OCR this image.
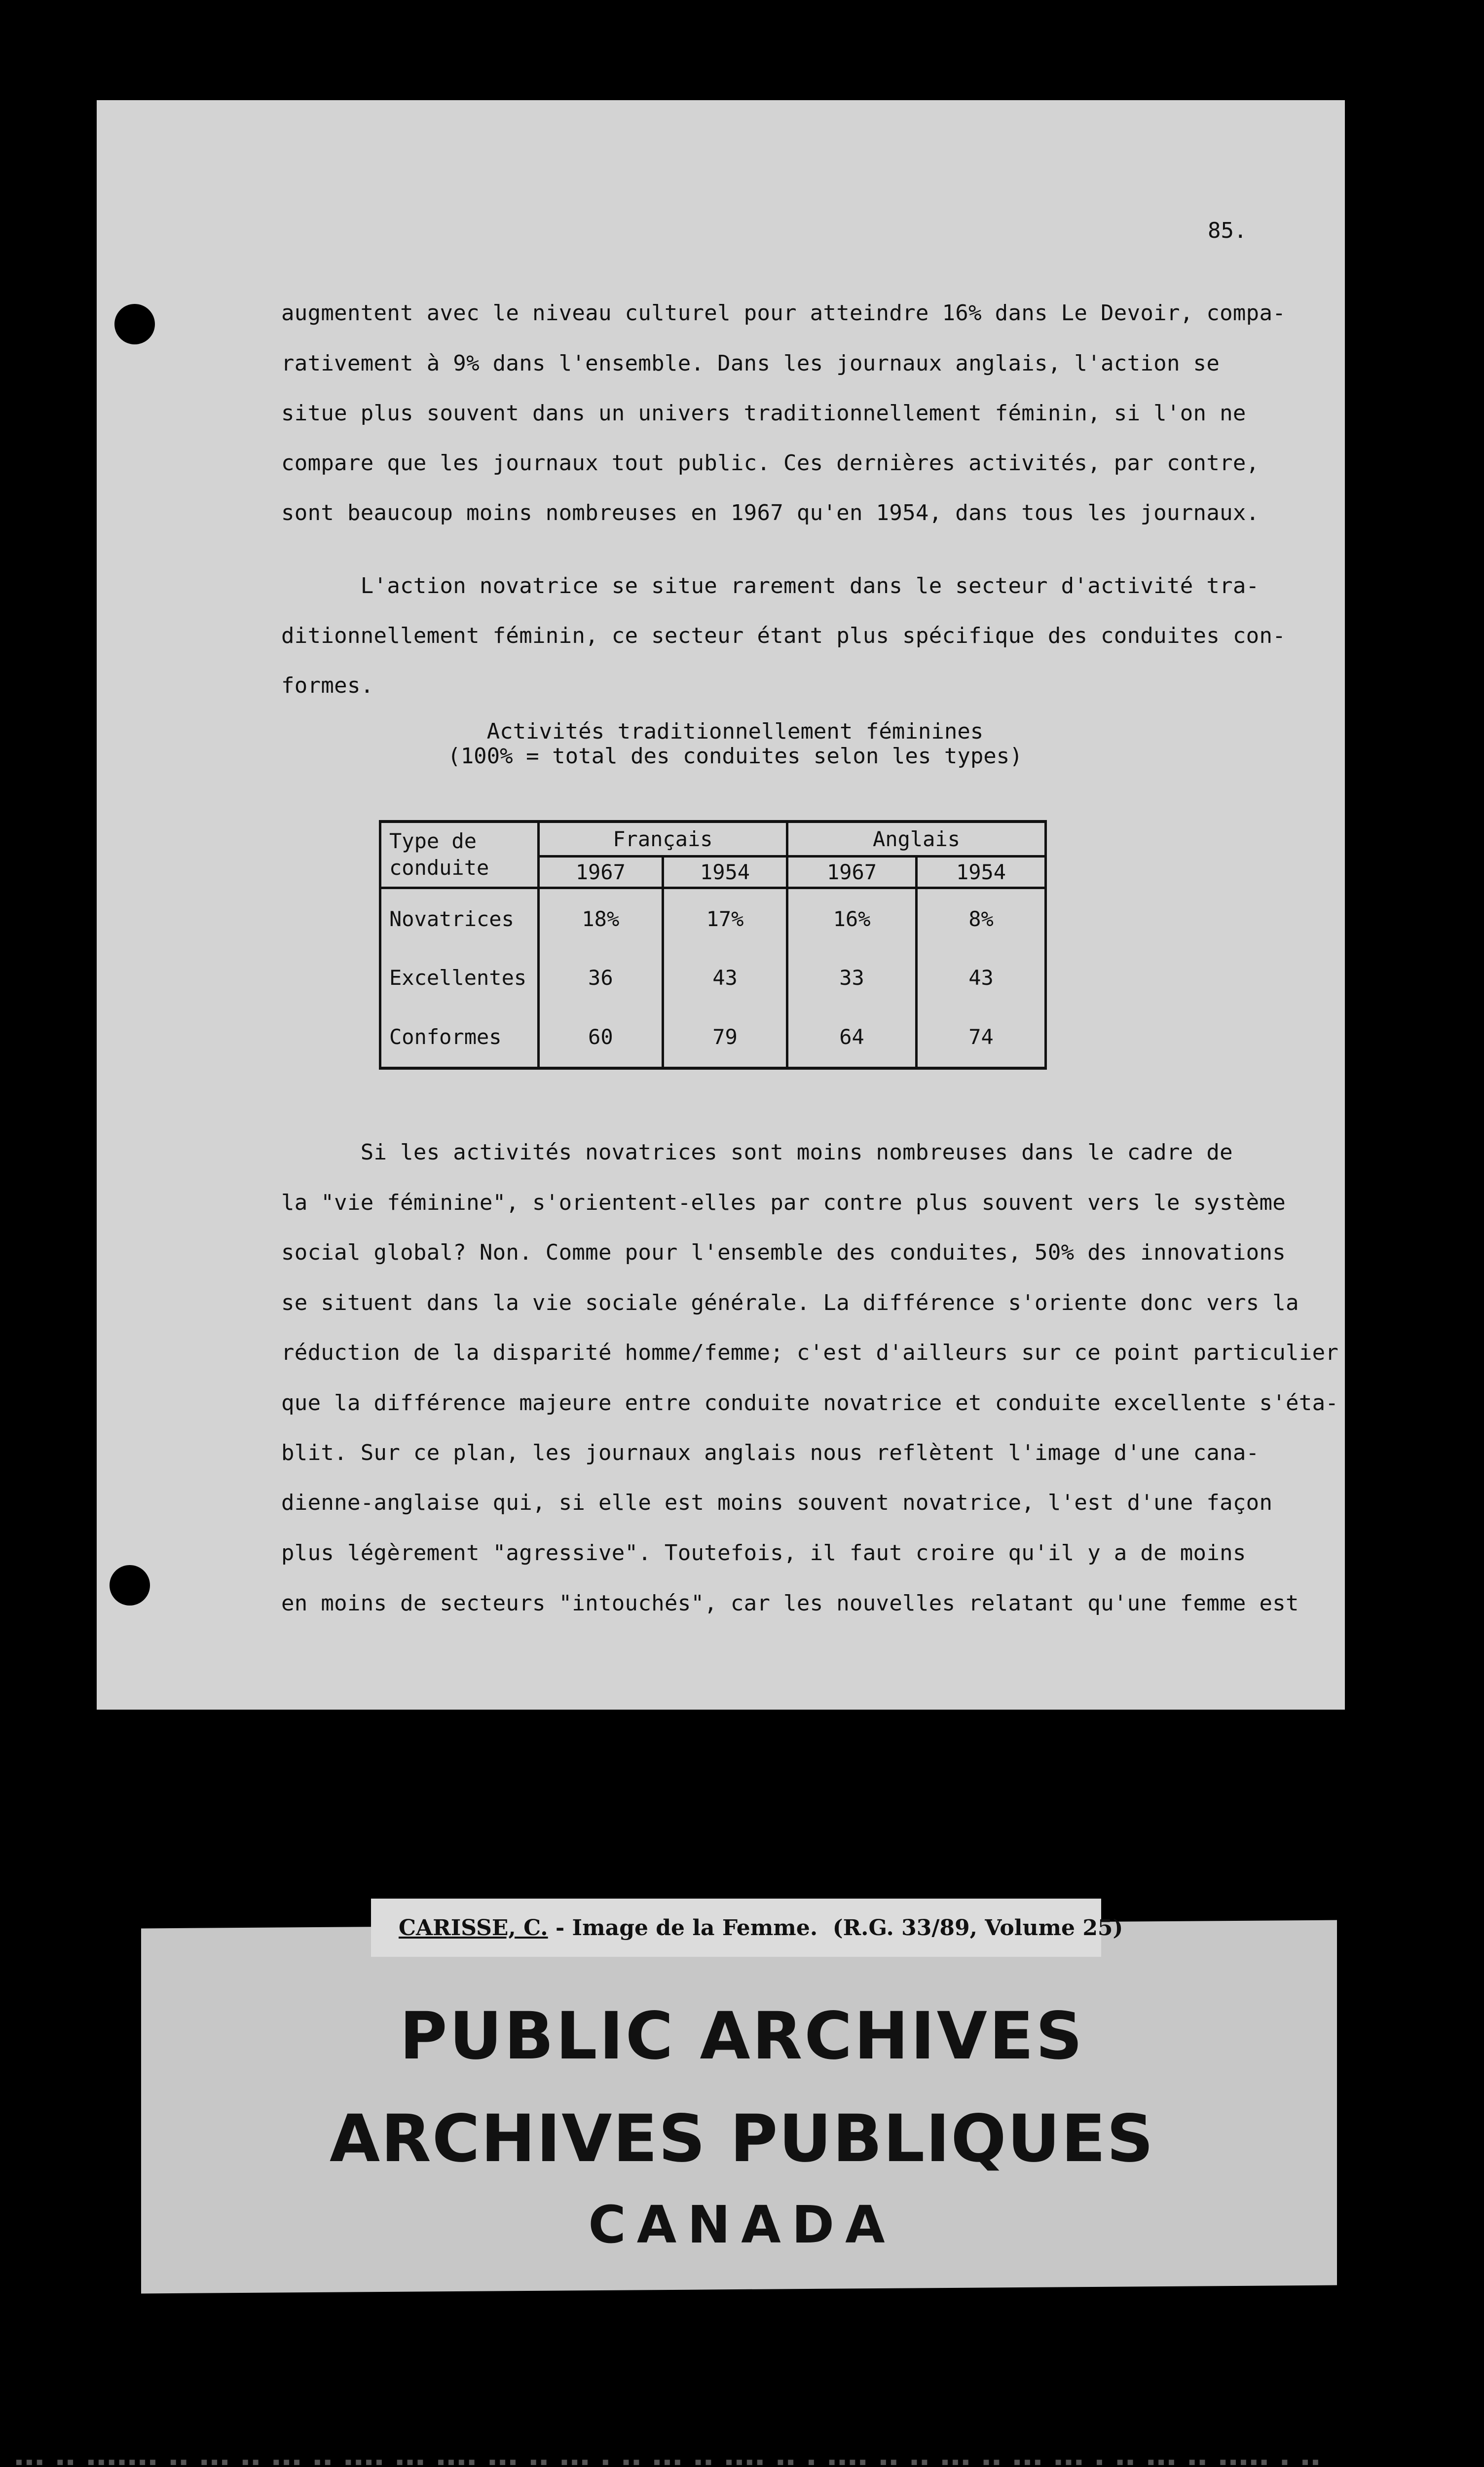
85.
augmentent avec le niveau culturel pour atteindre 16% dans Le Devoir, compa-
rativement à 9% dans l'ensemble. Dans les journaux anglais, l'action se
situe plus souvent dans un univers traditionnellement féminin, si l'on ne
compare que les journaux tout public. Ces dernières activités, par contre,
sont beaucoup moins nombreuses en 1967 qu'en 1954, dans tous les journaux.
L'action novatrice se situe rarement dans le secteur d'activité tra-
ditionnellement féminin, ce secteur étant plus spécifique des conduites con-
formes.
Activités traditionnellement féminines
(100% = total des conduites selon les types)
Type de conduite	Français		Anglais	
	1967	1954	1967	1954
Novatrices	18%	17%	16%	8%
Excellentes	36	43	33	43
Conformes	60	79	64	74
Si les activités novatrices sont moins nombreuses dans le cadre de
la "vie féminine", s'orientent-elles par contre plus souvent vers le système
social global? Non. Comme pour l'ensemble des conduites, 50% des innovations
se situent dans la vie sociale générale. La différence s'oriente donc vers la
réduction de la disparité homme/femme; c'est d'ailleurs sur ce point particulier
que la différence majeure entre conduite novatrice et conduite excellente s'éta-
blit. Sur ce plan, les journaux anglais nous reflètent l'image d'une cana-
dienne-anglaise qui, si elle est moins souvent novatrice, l'est d'une façon
plus légèrement "agressive". Toutefois, il faut croire qu'il y a de moins
en moins de secteurs "intouchés", car les nouvelles relatant qu'une femme est
CARISSE, C. - Image de la Femme.  (R.G. 33/89, Volume 25)
PUBLIC ARCHIVES
ARCHIVES PUBLIQUES
CANADA
▪▪▪ ▪▪ ▪▪▪▪▪▪▪ ▪▪ ▪▪▪ ▪▪ ▪▪▪ ▪▪ ▪▪▪▪ ▪▪▪ ▪▪▪▪ ▪▪▪ ▪▪ ▪▪▪ ▪ ▪▪ ▪▪▪ ▪▪ ▪▪▪▪ ▪▪ ▪ ▪▪▪▪ ▪▪ ▪▪ ▪▪▪ ▪▪ ▪▪▪ ▪▪▪ ▪ ▪▪ ▪▪▪ ▪▪ ▪▪▪▪▪ ▪ ▪▪
